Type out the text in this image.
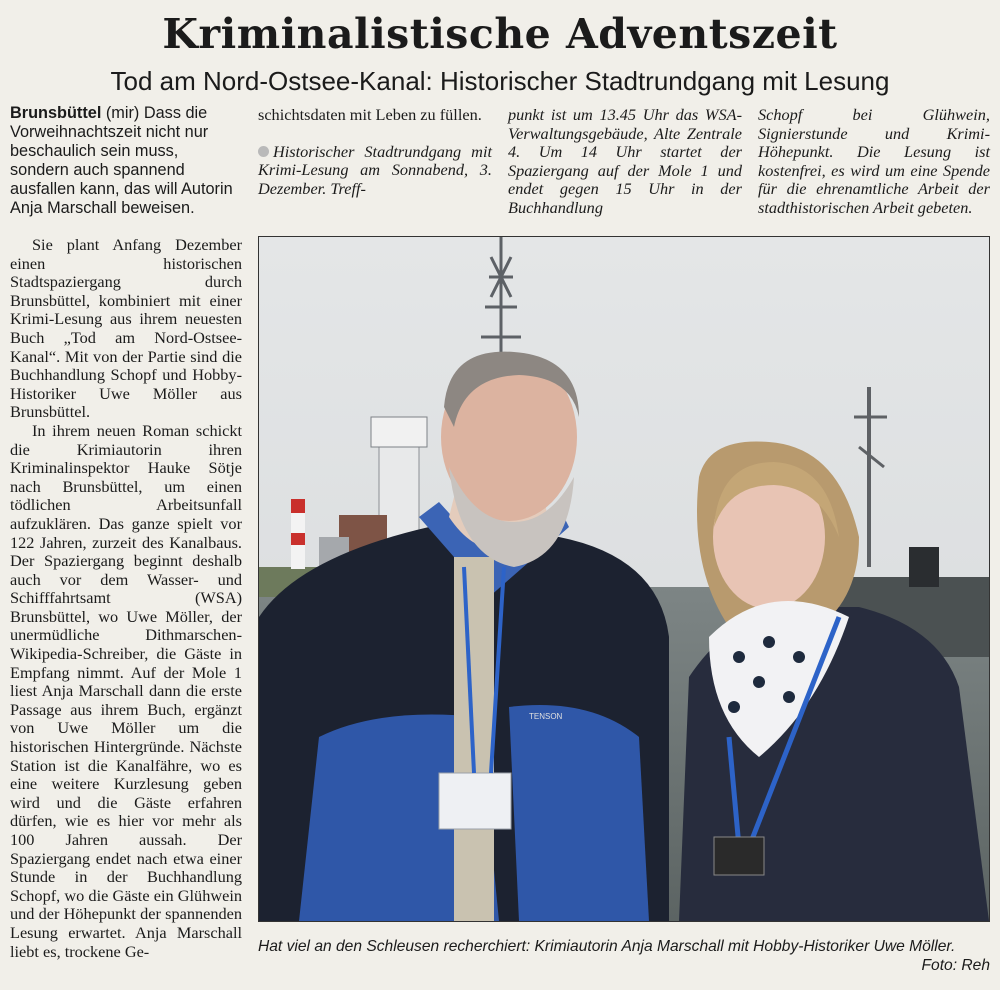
Kriminalistische Adventszeit
Tod am Nord-Ostsee-Kanal: Historischer Stadtrundgang mit Lesung
Brunsbüttel (mir) Dass die Vorweihnachtszeit nicht nur beschaulich sein muss, sondern auch spannend ausfallen kann, das will Autorin Anja Marschall beweisen.

Sie plant Anfang Dezember einen historischen Stadtspaziergang durch Brunsbüttel, kombiniert mit einer Krimi-Lesung aus ihrem neuesten Buch „Tod am Nord-Ostsee-Kanal“. Mit von der Partie sind die Buchhandlung Schopf und Hobby-Historiker Uwe Möller aus Brunsbüttel.

In ihrem neuen Roman schickt die Krimiautorin ihren Kriminalinspektor Hauke Sötje nach Brunsbüttel, um einen tödlichen Arbeitsunfall aufzuklären. Das ganze spielt vor 122 Jahren, zurzeit des Kanalbaus. Der Spaziergang beginnt deshalb auch vor dem Wasser- und Schifffahrtsamt (WSA) Brunsbüttel, wo Uwe Möller, der unermüdliche Dithmarschen-Wikipedia-Schreiber, die Gäste in Empfang nimmt. Auf der Mole 1 liest Anja Marschall dann die erste Passage aus ihrem Buch, ergänzt von Uwe Möller um die historischen Hintergründe. Nächste Station ist die Kanalfähre, wo es eine weitere Kurzlesung geben wird und die Gäste erfahren dürfen, wie es hier vor mehr als 100 Jahren aussah. Der Spaziergang endet nach etwa einer Stunde in der Buchhandlung Schopf, wo die Gäste ein Glühwein und der Höhepunkt der spannenden Lesung erwartet. Anja Marschall liebt es, trockene Ge-

schichtsdaten mit Leben zu füllen.

Historischer Stadtrundgang mit Krimi-Lesung am Sonnabend, 3. Dezember. Treff-

punkt ist um 13.45 Uhr das WSA-Verwaltungsgebäude, Alte Zentrale 4. Um 14 Uhr startet der Spaziergang auf der Mole 1 und endet gegen 15 Uhr in der Buchhandlung
Schopf bei Glühwein, Signierstunde und Krimi-Höhepunkt. Die Lesung ist kostenfrei, es wird um eine Spende für die ehrenamtliche Arbeit der stadthistorischen Arbeit gebeten.
TENSON
Hat viel an den Schleusen recherchiert: Krimiautorin Anja Marschall mit Hobby-Historiker Uwe Möller.
Foto: Reh
